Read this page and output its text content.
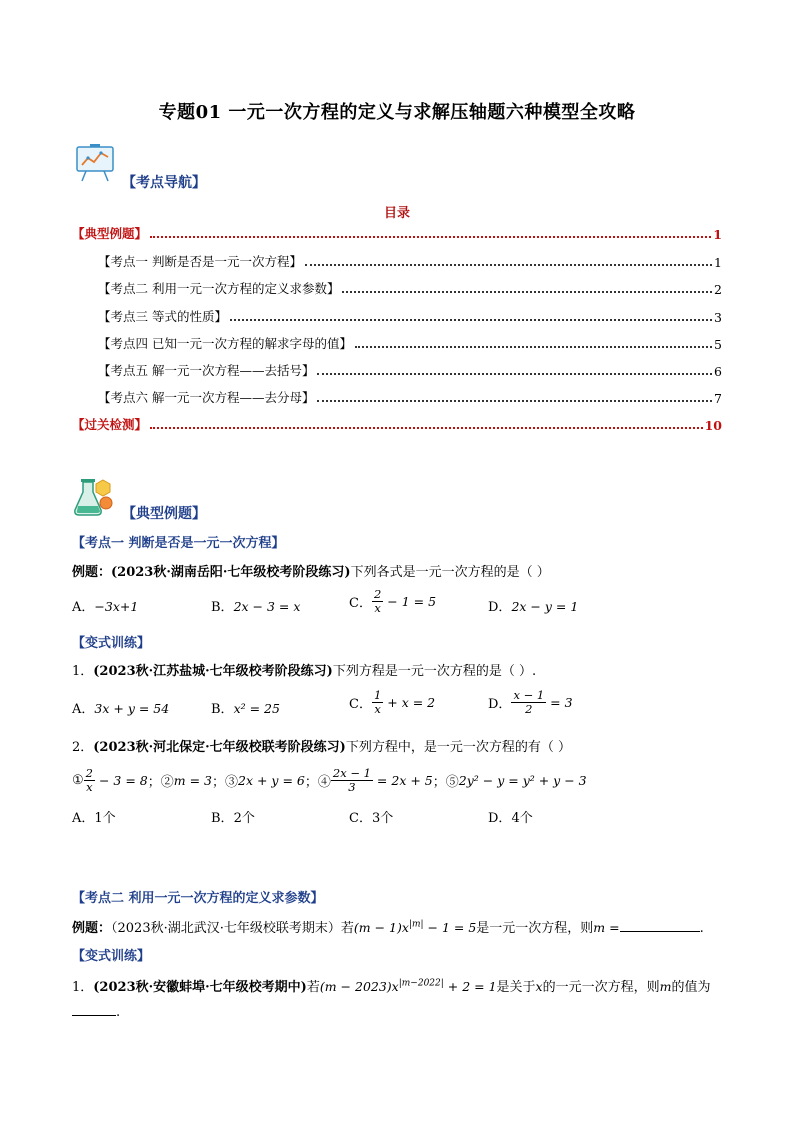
专题01 一元一次方程的定义与求解压轴题六种模型全攻略
【考点导航】
目录
【典型例题】	1
【考点一 判断是否是一元一次方程】	1
【考点二 利用一元一次方程的定义求参数】	2
【考点三 等式的性质】	3
【考点四 已知一元一次方程的解求字母的值】	5
【考点五 解一元一次方程——去括号】	6
【考点六 解一元一次方程——去分母】	7
【过关检测】	10
【典型例题】
【考点一 判断是否是一元一次方程】
例题：(2023秋·湖南岳阳·七年级校考阶段练习)下列各式是一元一次方程的是（ ）
A．−3x+1	B．2x − 3 = x	C． $\frac{2}{x} - 1 = 5$	D．2x − y = 1
【变式训练】
1．(2023秋·江苏盐城·七年级校考阶段练习)下列方程是一元一次方程的是（ ）.
A．3x + y = 54	B．x² = 25	C． $\frac{1}{x} + x = 2$	D． $\frac{x - 1}{2} = 3$
2．(2023秋·河北保定·七年级校联考阶段练习)下列方程中，是一元一次方程的有（ ）
① $\frac{2}{x} - 3 = 8$；②m = 3；③2x + y = 6；④ $\frac{2x - 1}{3} = 2x + 5$；⑤2y² − y = y² + y − 3
A．1个	B．2个	C．3个	D．4个
【考点二 利用一元一次方程的定义求参数】
例题：（2023秋·湖北武汉·七年级校联考期末）若$(m - 1)x^{|m|} - 1 = 5$是一元一次方程，则m =	.
【变式训练】
1．(2023秋·安徽蚌埠·七年级校考期中)若$(m - 2023)x^{|m-2022|} + 2 = 1$是关于x的一元一次方程，则m的值为
.
